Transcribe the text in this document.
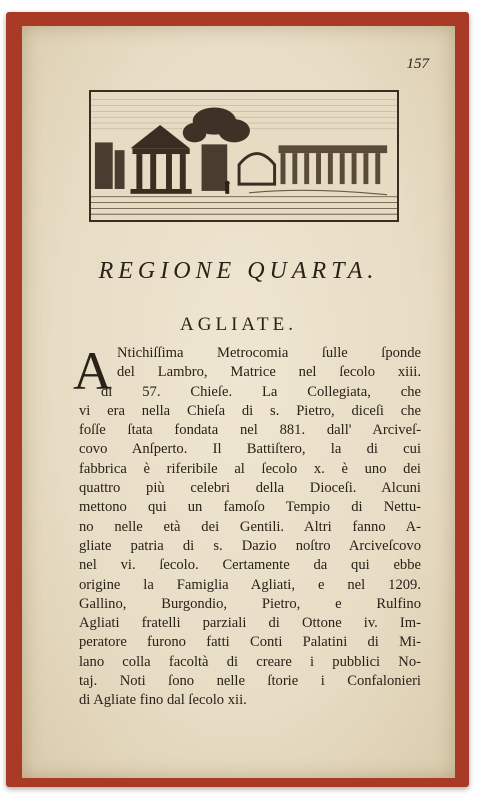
157
REGIONE QUARTA.
AGLIATE.
A Ntichiſſima Metrocomia ſulle ſponde
del Lambro, Matrice nel ſecolo xiii.
di 57. Chieſe. La Collegiata, che
vi era nella Chieſa di s. Pietro, diceſi che
foſſe ſtata fondata nel 881. dall' Arciveſ-
covo Anſperto. Il Battiſtero, la di cui
fabbrica è riferibile al ſecolo x. è uno dei
quattro più celebri della Dioceſi. Alcuni
mettono qui un famoſo Tempio di Nettu-
no nelle età dei Gentili. Altri fanno A-
gliate patria di s. Dazio noſtro Arciveſcovo
nel vi. ſecolo. Certamente da qui ebbe
origine la Famiglia Agliati, e nel 1209.
Gallino, Burgondio, Pietro, e Rulfino
Agliati fratelli parziali di Ottone iv. Im-
peratore furono fatti Conti Palatini di Mi-
lano colla facoltà di creare i pubblici No-
taj. Noti ſono nelle ſtorie i Confalonieri
di Agliate fino dal ſecolo xii.
